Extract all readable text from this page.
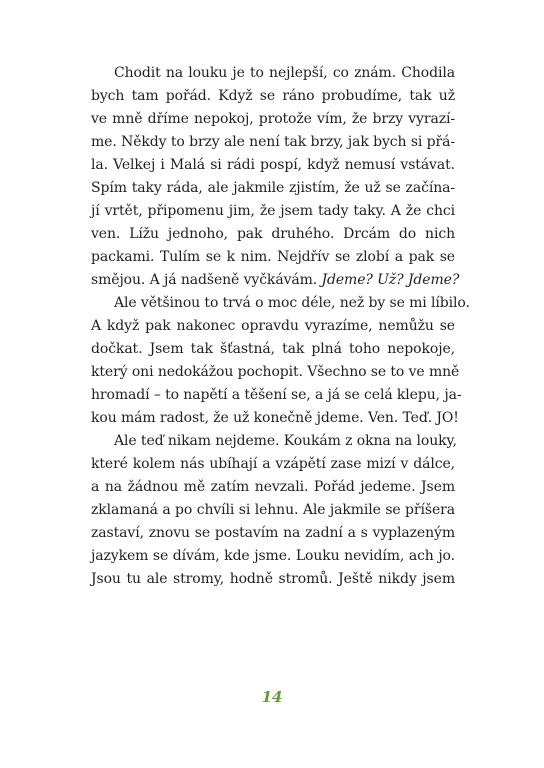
Chodit na louku je to nejlepší, co znám. Chodila
bych tam pořád. Když se ráno probudíme, tak už
ve mně dříme nepokoj, protože vím, že brzy vyrazí-
me. Někdy to brzy ale není tak brzy, jak bych si přá-
la. Velkej i Malá si rádi pospí, když nemusí vstávat.
Spím taky ráda, ale jakmile zjistím, že už se začína-
jí vrtět, připomenu jim, že jsem tady taky. A že chci
ven. Lížu jednoho, pak druhého. Drcám do nich
packami. Tulím se k nim. Nejdřív se zlobí a pak se
smějou. A já nadšeně vyčkávám. Jdeme? Už? Jdeme?
Ale většinou to trvá o moc déle, než by se mi líbilo.
A když pak nakonec opravdu vyrazíme, nemůžu se
dočkat. Jsem tak šťastná, tak plná toho nepokoje,
který oni nedokážou pochopit. Všechno se to ve mně
hromadí – to napětí a těšení se, a já se celá klepu, ja-
kou mám radost, že už konečně jdeme. Ven. Teď. JO!
Ale teď nikam nejdeme. Koukám z okna na louky,
které kolem nás ubíhají a vzápětí zase mizí v dálce,
a na žádnou mě zatím nevzali. Pořád jedeme. Jsem
zklamaná a po chvíli si lehnu. Ale jakmile se příšera
zastaví, znovu se postavím na zadní a s vyplazeným
jazykem se dívám, kde jsme. Louku nevidím, ach jo.
Jsou tu ale stromy, hodně stromů. Ještě nikdy jsem
14
